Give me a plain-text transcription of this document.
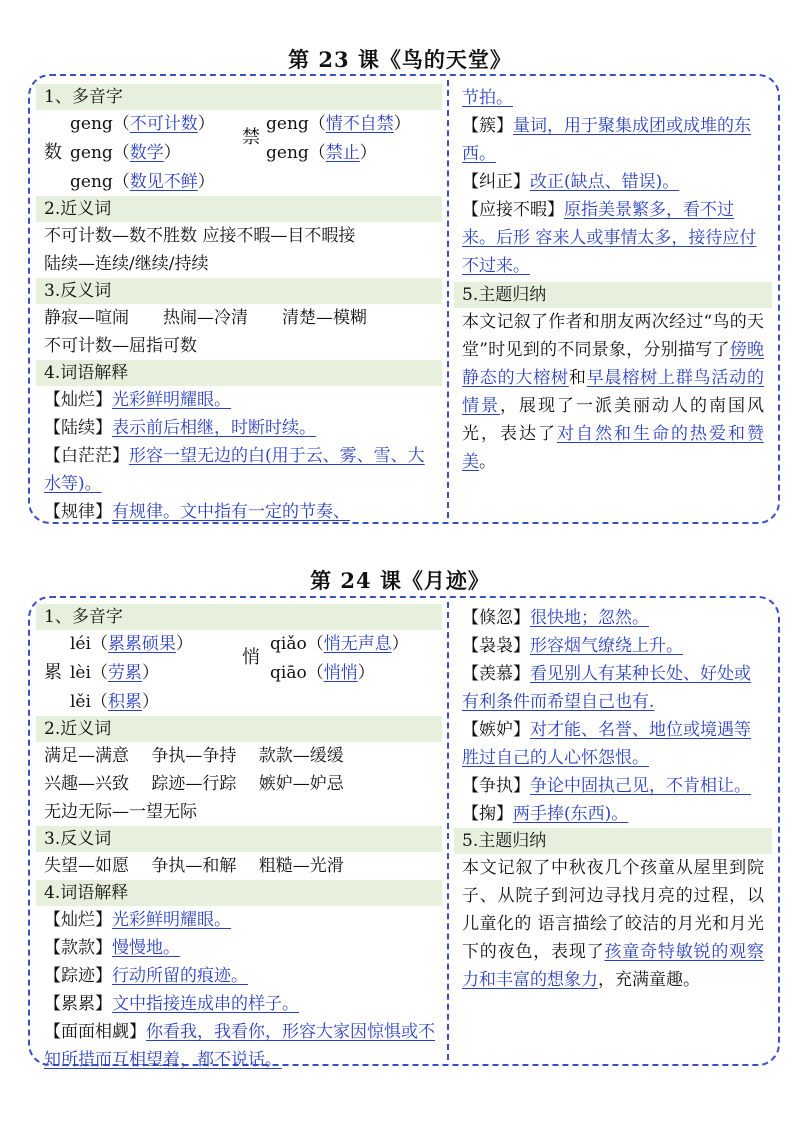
第 23 课《鸟的天堂》
1、多音字
数
geng（不可计数）
geng（数学）
geng（数见不鲜）
禁
geng（情不自禁）
geng（禁止）
2.近义词
不可计数—数不胜数 应接不暇—目不暇接
陆续—连续/继续/持续
3.反义词
静寂—喧闹　　热闹—冷清　　清楚—模糊
不可计数—屈指可数
4.词语解释
【灿烂】光彩鲜明耀眼。
【陆续】表示前后相继，时断时续。
【白茫茫】形容一望无边的白(用于云、雾、雪、大水等)。
【规律】有规律。文中指有一定的节奏、
节拍。
【簇】量词，用于聚集成团或成堆的东西。
【纠正】改正(缺点、错误)。
【应接不暇】原指美景繁多，看不过来。后形 容来人或事情太多，接待应付不过来。
5.主题归纳
本文记叙了作者和朋友两次经过“鸟的天堂”时见到的不同景象，分别描写了傍晚静态的大榕树和早晨榕树上群鸟活动的情景，展现了一派美丽动人的南国风光，表达了对自然和生命的热爱和赞美。
第 24 课《月迹》
1、多音字
累
léi（累累硕果）
lèi（劳累）
lěi（积累）
悄
qiǎo（悄无声息）
qiāo（悄悄）
2.近义词
满足—满意　 争执—争持　 款款—缓缓
兴趣—兴致　 踪迹—行踪　 嫉妒—妒忌
无边无际—一望无际
3.反义词
失望—如愿　 争执—和解　 粗糙—光滑
4.词语解释
【灿烂】光彩鲜明耀眼。
【款款】慢慢地。
【踪迹】行动所留的痕迹。
【累累】文中指接连成串的样子。
【面面相觑】你看我，我看你，形容大家因惊惧或不知所措而互相望着，都不说话。
【倏忽】很快地；忽然。
【袅袅】形容烟气缭绕上升。
【羡慕】看见别人有某种长处、好处或有利条件而希望自己也有.
【嫉妒】对才能、名誉、地位或境遇等胜过自己的人心怀怨恨。
【争执】争论中固执己见，不肯相让。
【掬】两手捧(东西)。
5.主题归纳
本文记叙了中秋夜几个孩童从屋里到院子、从院子到河边寻找月亮的过程，以儿童化的 语言描绘了皎洁的月光和月光下的夜色，表现了孩童奇特敏锐的观察力和丰富的想象力，充满童趣。
